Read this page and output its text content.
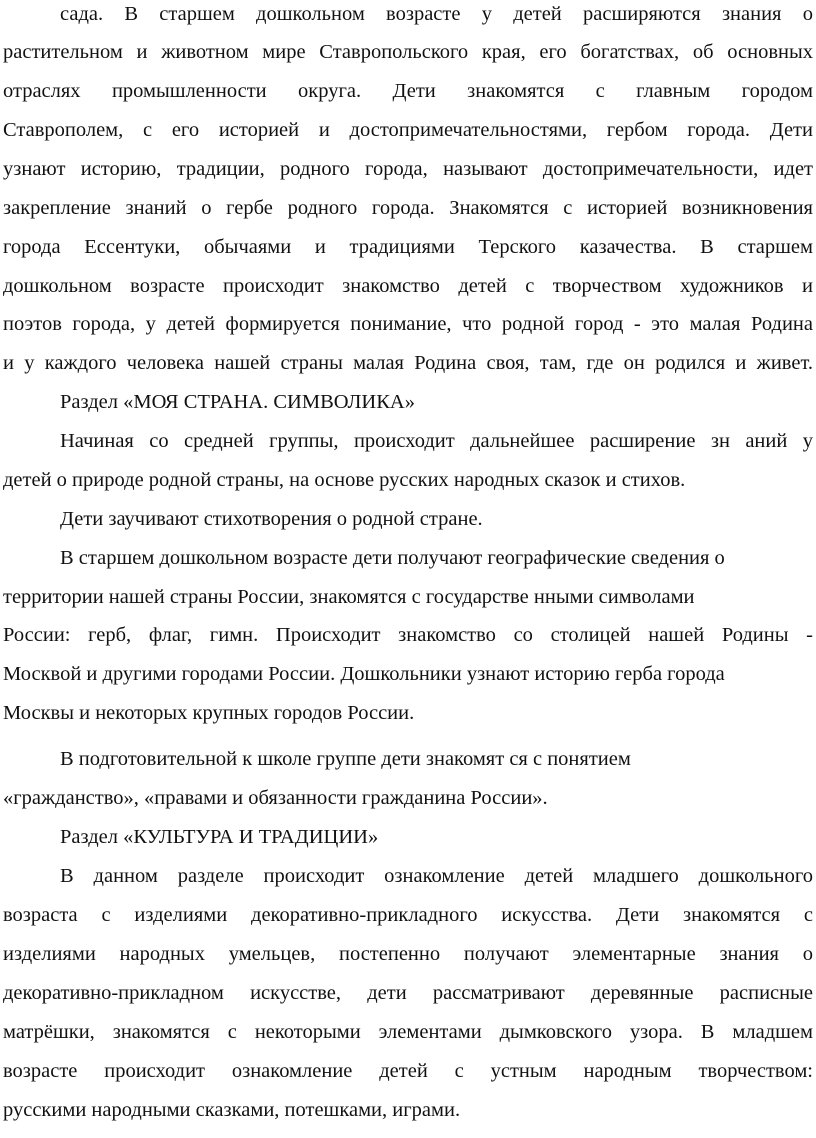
сада. В старшем дошкольном возрасте у детей расширяются знания о
растительном и животном мире Ставропольского края, его богатствах, об основных
отраслях промышленности округа. Дети знакомятся с главным городом
Ставрополем, с его историей и достопримечательностями, гербом города. Дети
узнают историю, традиции, родного города, называют достопримечательности, идет
закрепление знаний о гербе родного города. Знакомятся с историей возникновения
города Ессентуки, обычаями и традициями Терского казачества. В старшем
дошкольном возрасте происходит знакомство детей с творчеством художников и
поэтов города, у детей формируется понимание, что родной город - это малая Родина
и у каждого человека нашей страны малая Родина своя, там, где он родился и живет.
Раздел «МОЯ СТРАНА. СИМВОЛИКА»
Начиная со средней группы, происходит дальнейшее расширение зн аний у
детей о природе родной страны, на основе русских народных сказок и стихов.
Дети заучивают стихотворения о родной стране.
В старшем дошкольном возрасте дети получают географические сведения о
территории нашей страны России, знакомятся с государстве нными символами
России: герб, флаг, гимн. Происходит знакомство со столицей нашей Родины -
Москвой и другими городами России. Дошкольники узнают историю герба города
Москвы и некоторых крупных городов России.
В подготовительной к школе группе дети знакомят ся с понятием
«гражданство», «правами и обязанности гражданина России».
Раздел «КУЛЬТУРА И ТРАДИЦИИ»
В данном разделе происходит ознакомление детей младшего дошкольного
возраста с изделиями декоративно-прикладного искусства. Дети знакомятся с
изделиями народных умельцев, постепенно получают элементарные знания о
декоративно-прикладном искусстве, дети рассматривают деревянные расписные
матрёшки, знакомятся с некоторыми элементами дымковского узора. В младшем
возрасте происходит ознакомление детей с устным народным творчеством:
русскими народными сказками, потешками, играми.
